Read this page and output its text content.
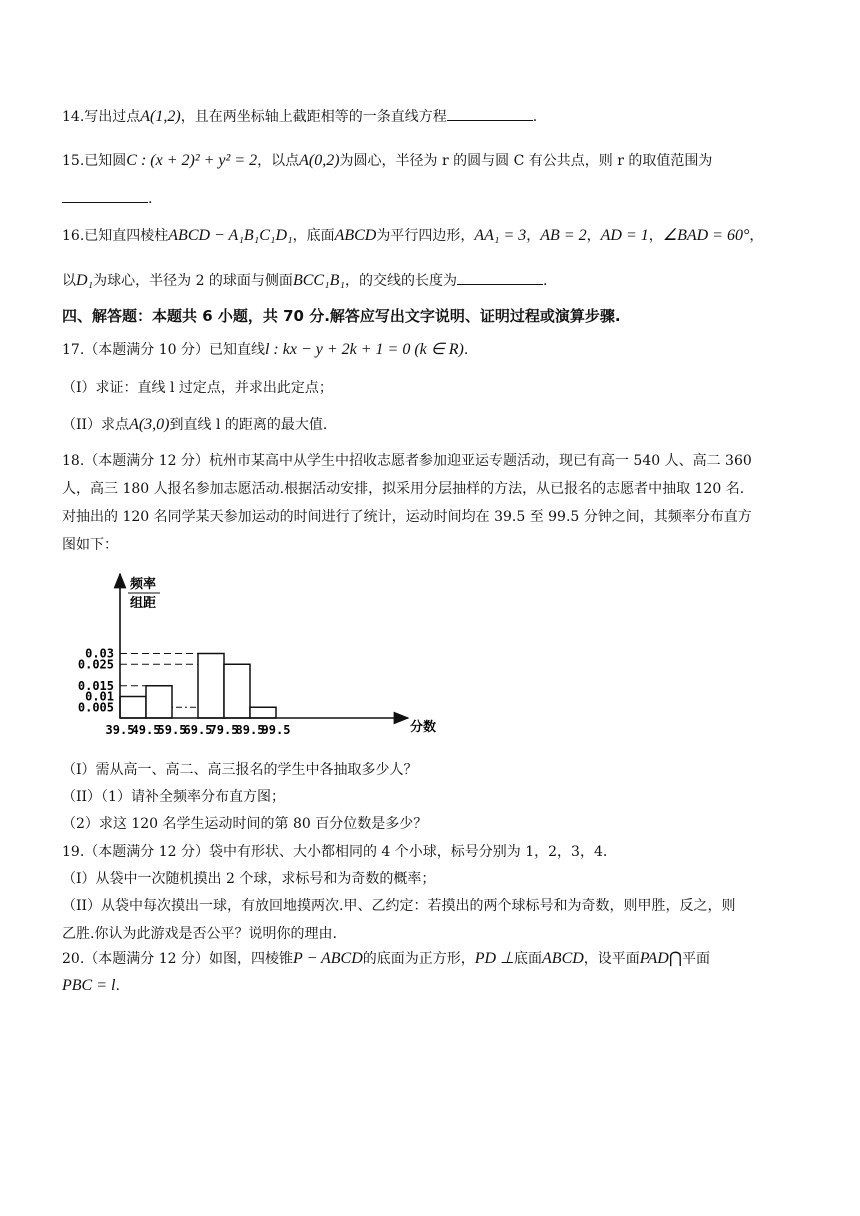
14.写出过点A(1,2)，且在两坐标轴上截距相等的一条直线方程	.
15.已知圆C : (x + 2)² + y² = 2，以点A(0,2)为圆心，半径为 r 的圆与圆 C 有公共点，则 r 的取值范围为
.
16.已知直四棱柱ABCD − A₁B₁C₁D₁，底面ABCD为平行四边形，AA₁ = 3，AB = 2，AD = 1，∠BAD = 60°，
以D₁为球心，半径为 2 的球面与侧面BCC₁B₁，的交线的长度为	.
四、解答题：本题共 6 小题，共 70 分.解答应写出文字说明、证明过程或演算步骤.
17.（本题满分 10 分）已知直线l : kx − y + 2k + 1 = 0 (k ∈ R).
（I）求证：直线 l 过定点，并求出此定点；
（II）求点A(3,0)到直线 l 的距离的最大值.
18.（本题满分 12 分）杭州市某高中从学生中招收志愿者参加迎亚运专题活动，现已有高一 540 人、高二 360
人，高三 180 人报名参加志愿活动.根据活动安排，拟采用分层抽样的方法，从已报名的志愿者中抽取 120 名.
对抽出的 120 名同学某天参加运动的时间进行了统计，运动时间均在 39.5 至 99.5 分钟之间，其频率分布直方
图如下：
频率
组距
分数
0.03
0.025
0.015
0.01
0.005
39.5
49.5
59.5
69.5
79.5
89.5
99.5
（I）需从高一、高二、高三报名的学生中各抽取多少人？
（II）（1）请补全频率分布直方图；
（2）求这 120 名学生运动时间的第 80 百分位数是多少？
19.（本题满分 12 分）袋中有形状、大小都相同的 4 个小球，标号分别为 1，2，3，4.
（I）从袋中一次随机摸出 2 个球，求标号和为奇数的概率；
（II）从袋中每次摸出一球，有放回地摸两次.甲、乙约定：若摸出的两个球标号和为奇数，则甲胜，反之，则
乙胜.你认为此游戏是否公平？说明你的理由.
20.（本题满分 12 分）如图，四棱锥P − ABCD的底面为正方形，PD ⊥底面ABCD，设平面PAD⋂平面
PBC = l.
